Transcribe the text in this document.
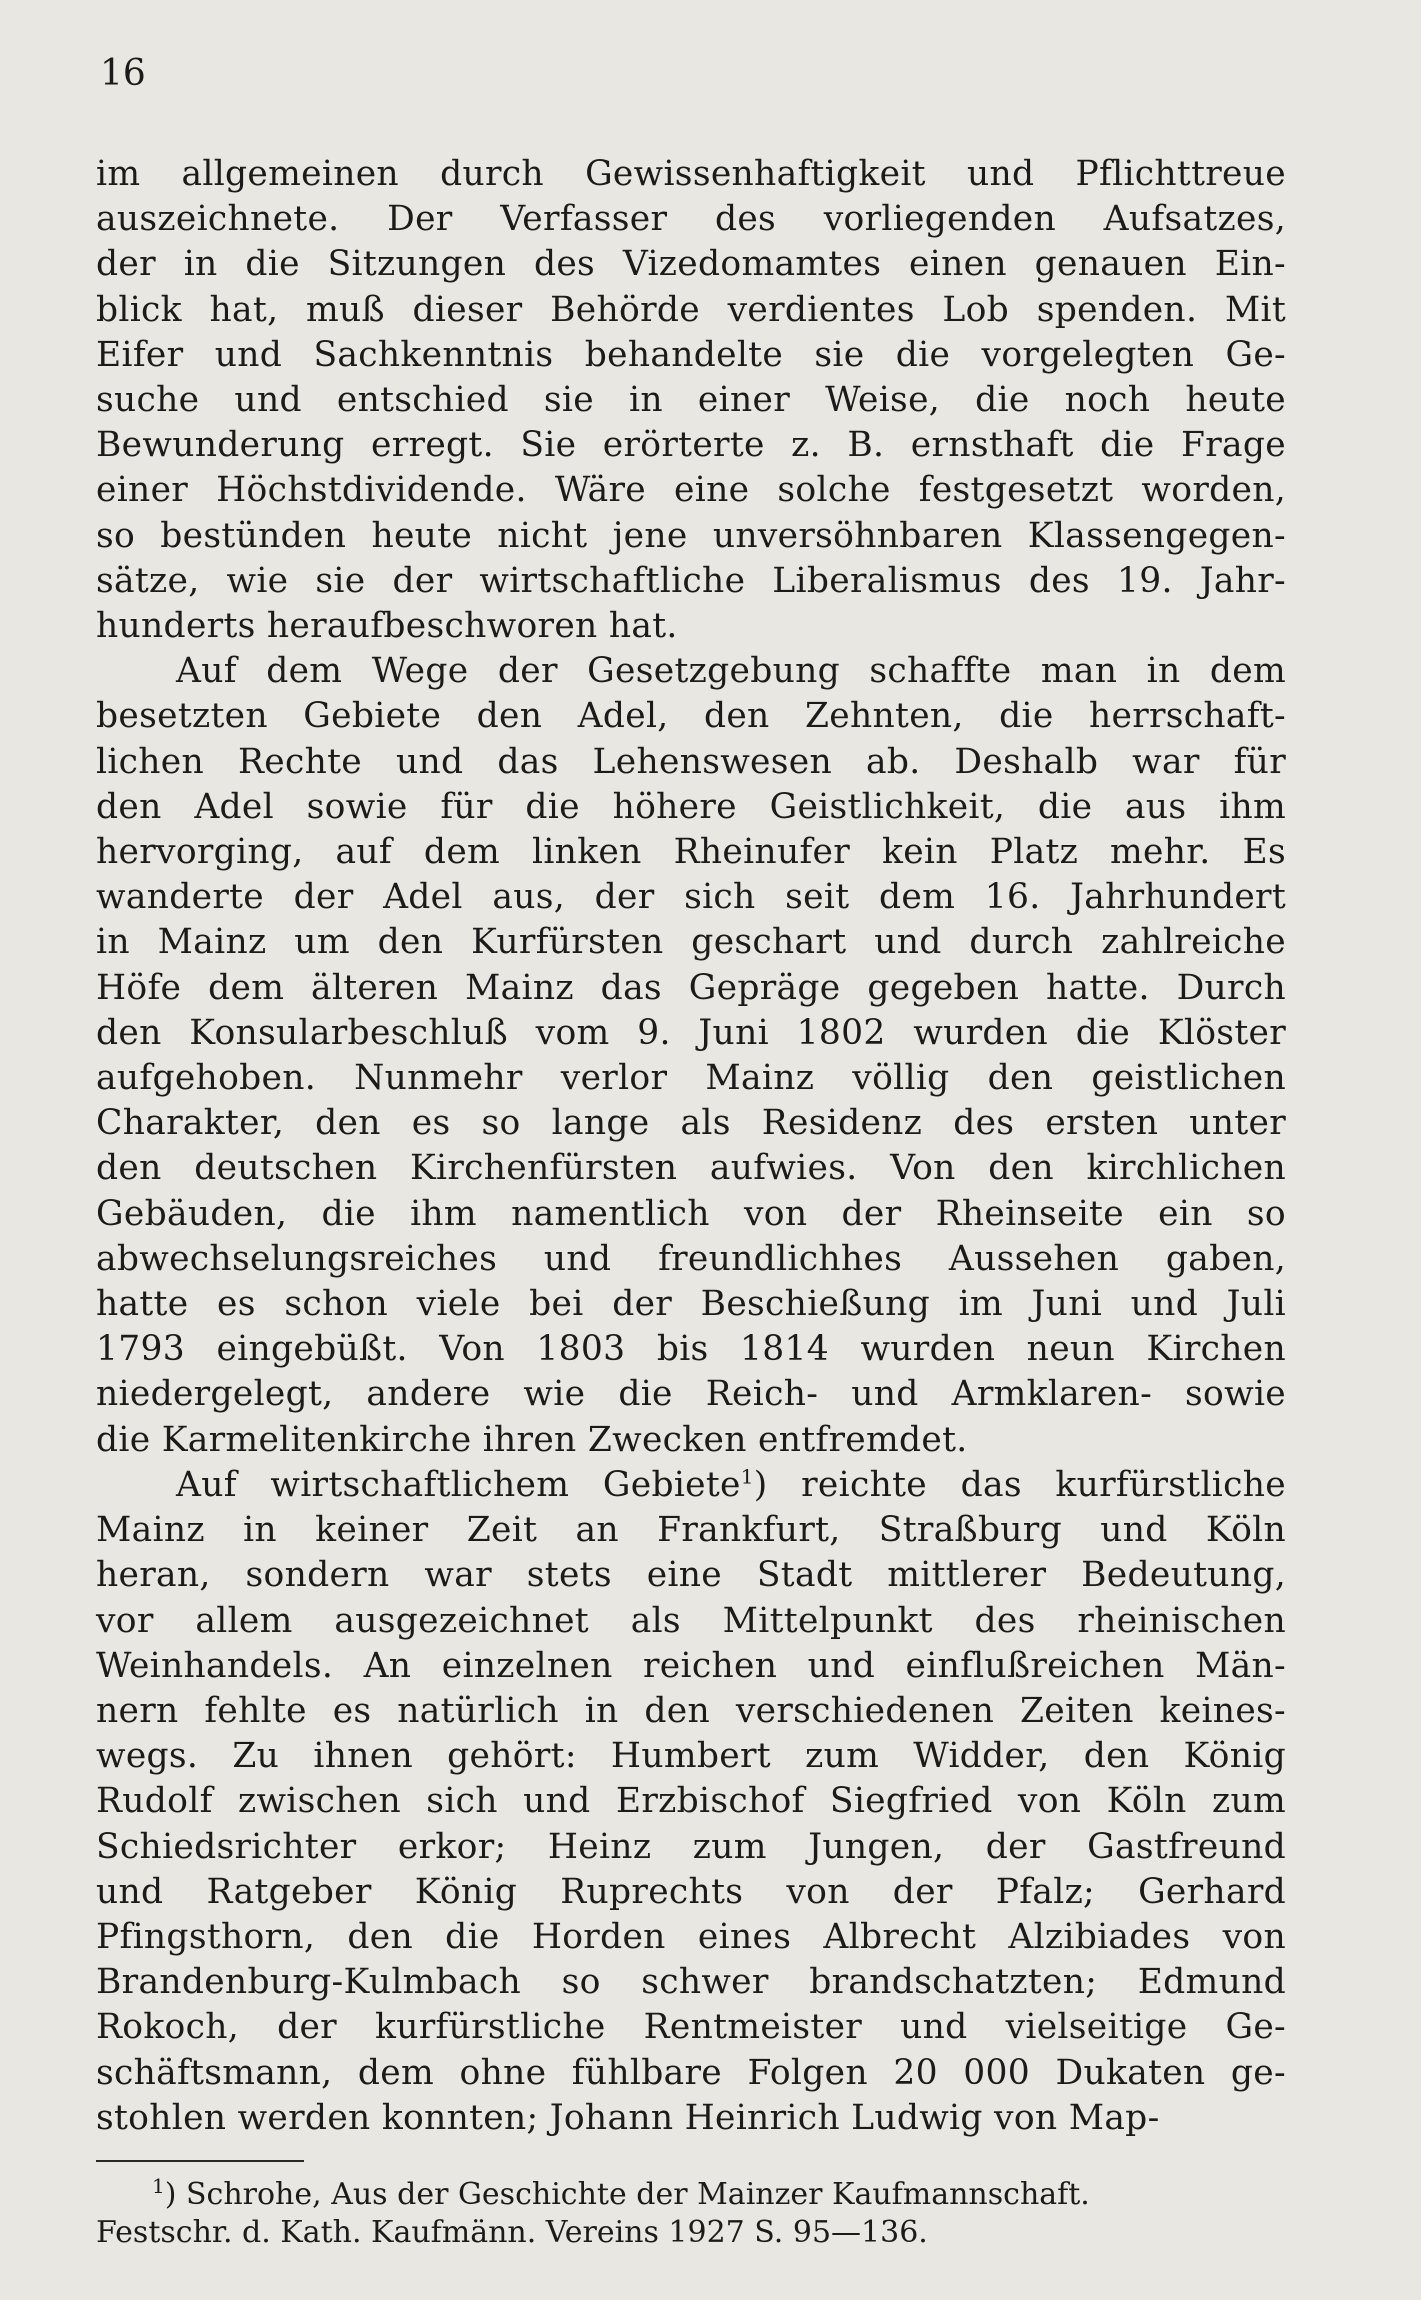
16
im allgemeinen durch Gewissenhaftigkeit und Pflichttreue
auszeichnete. Der Verfasser des vorliegenden Aufsatzes,
der in die Sitzungen des Vizedomamtes einen genauen Ein-
blick hat, muß dieser Behörde verdientes Lob spenden. Mit
Eifer und Sachkenntnis behandelte sie die vorgelegten Ge-
suche und entschied sie in einer Weise, die noch heute
Bewunderung erregt. Sie erörterte z. B. ernsthaft die Frage
einer Höchstdividende. Wäre eine solche festgesetzt worden,
so bestünden heute nicht jene unversöhnbaren Klassengegen-
sätze, wie sie der wirtschaftliche Liberalismus des 19. Jahr-
hunderts heraufbeschworen hat.
Auf dem Wege der Gesetzgebung schaffte man in dem
besetzten Gebiete den Adel, den Zehnten, die herrschaft-
lichen Rechte und das Lehenswesen ab. Deshalb war für
den Adel sowie für die höhere Geistlichkeit, die aus ihm
hervorging, auf dem linken Rheinufer kein Platz mehr. Es
wanderte der Adel aus, der sich seit dem 16. Jahrhundert
in Mainz um den Kurfürsten geschart und durch zahlreiche
Höfe dem älteren Mainz das Gepräge gegeben hatte. Durch
den Konsularbeschluß vom 9. Juni 1802 wurden die Klöster
aufgehoben. Nunmehr verlor Mainz völlig den geistlichen
Charakter, den es so lange als Residenz des ersten unter
den deutschen Kirchenfürsten aufwies. Von den kirchlichen
Gebäuden, die ihm namentlich von der Rheinseite ein so
abwechselungsreiches und freundlichhes Aussehen gaben,
hatte es schon viele bei der Beschießung im Juni und Juli
1793 eingebüßt. Von 1803 bis 1814 wurden neun Kirchen
niedergelegt, andere wie die Reich- und Armklaren- sowie
die Karmelitenkirche ihren Zwecken entfremdet.
Auf wirtschaftlichem Gebiete$^1$) reichte das kurfürstliche
Mainz in keiner Zeit an Frankfurt, Straßburg und Köln
heran, sondern war stets eine Stadt mittlerer Bedeutung,
vor allem ausgezeichnet als Mittelpunkt des rheinischen
Weinhandels. An einzelnen reichen und einflußreichen Män-
nern fehlte es natürlich in den verschiedenen Zeiten keines-
wegs. Zu ihnen gehört: Humbert zum Widder, den König
Rudolf zwischen sich und Erzbischof Siegfried von Köln zum
Schiedsrichter erkor; Heinz zum Jungen, der Gastfreund
und Ratgeber König Ruprechts von der Pfalz; Gerhard
Pfingsthorn, den die Horden eines Albrecht Alzibiades von
Brandenburg-Kulmbach so schwer brandschatzten; Edmund
Rokoch, der kurfürstliche Rentmeister und vielseitige Ge-
schäftsmann, dem ohne fühlbare Folgen 20 000 Dukaten ge-
stohlen werden konnten; Johann Heinrich Ludwig von Map-
$^1$) Schrohe, Aus der Geschichte der Mainzer Kaufmannschaft.
Festschr. d. Kath. Kaufmänn. Vereins 1927 S. 95—136.
